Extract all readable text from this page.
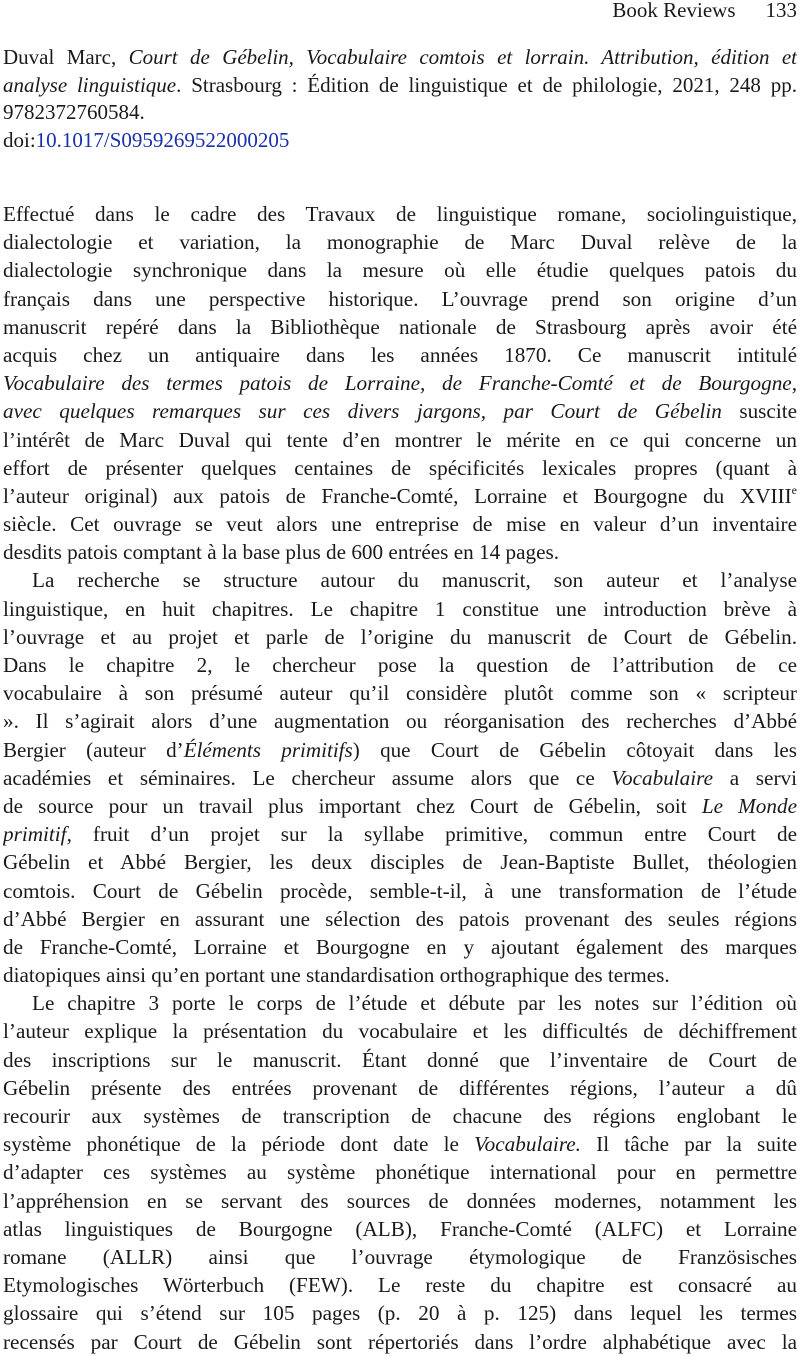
Book Reviews 133
Duval Marc, Court de Gébelin, Vocabulaire comtois et lorrain. Attribution, édition et
analyse linguistique. Strasbourg : Édition de linguistique et de philologie, 2021, 248 pp.
9782372760584.
doi:10.1017/S0959269522000205
Effectué dans le cadre des Travaux de linguistique romane, sociolinguistique,
dialectologie et variation, la monographie de Marc Duval relève de la
dialectologie synchronique dans la mesure où elle étudie quelques patois du
français dans une perspective historique. L’ouvrage prend son origine d’un
manuscrit repéré dans la Bibliothèque nationale de Strasbourg après avoir été
acquis chez un antiquaire dans les années 1870. Ce manuscrit intitulé
Vocabulaire des termes patois de Lorraine, de Franche-Comté et de Bourgogne,
avec quelques remarques sur ces divers jargons, par Court de Gébelin suscite
l’intérêt de Marc Duval qui tente d’en montrer le mérite en ce qui concerne un
effort de présenter quelques centaines de spécificités lexicales propres (quant à
l’auteur original) aux patois de Franche-Comté, Lorraine et Bourgogne du XVIIIe
siècle. Cet ouvrage se veut alors une entreprise de mise en valeur d’un inventaire
desdits patois comptant à la base plus de 600 entrées en 14 pages.
La recherche se structure autour du manuscrit, son auteur et l’analyse
linguistique, en huit chapitres. Le chapitre 1 constitue une introduction brève à
l’ouvrage et au projet et parle de l’origine du manuscrit de Court de Gébelin.
Dans le chapitre 2, le chercheur pose la question de l’attribution de ce
vocabulaire à son présumé auteur qu’il considère plutôt comme son « scripteur
». Il s’agirait alors d’une augmentation ou réorganisation des recherches d’Abbé
Bergier (auteur d’Éléments primitifs) que Court de Gébelin côtoyait dans les
académies et séminaires. Le chercheur assume alors que ce Vocabulaire a servi
de source pour un travail plus important chez Court de Gébelin, soit Le Monde
primitif, fruit d’un projet sur la syllabe primitive, commun entre Court de
Gébelin et Abbé Bergier, les deux disciples de Jean-Baptiste Bullet, théologien
comtois. Court de Gébelin procède, semble-t-il, à une transformation de l’étude
d’Abbé Bergier en assurant une sélection des patois provenant des seules régions
de Franche-Comté, Lorraine et Bourgogne en y ajoutant également des marques
diatopiques ainsi qu’en portant une standardisation orthographique des termes.
Le chapitre 3 porte le corps de l’étude et débute par les notes sur l’édition où
l’auteur explique la présentation du vocabulaire et les difficultés de déchiffrement
des inscriptions sur le manuscrit. Étant donné que l’inventaire de Court de
Gébelin présente des entrées provenant de différentes régions, l’auteur a dû
recourir aux systèmes de transcription de chacune des régions englobant le
système phonétique de la période dont date le Vocabulaire. Il tâche par la suite
d’adapter ces systèmes au système phonétique international pour en permettre
l’appréhension en se servant des sources de données modernes, notamment les
atlas linguistiques de Bourgogne (ALB), Franche-Comté (ALFC) et Lorraine
romane (ALLR) ainsi que l’ouvrage étymologique de Französisches
Etymologisches Wörterbuch (FEW). Le reste du chapitre est consacré au
glossaire qui s’étend sur 105 pages (p. 20 à p. 125) dans lequel les termes
recensés par Court de Gébelin sont répertoriés dans l’ordre alphabétique avec la
